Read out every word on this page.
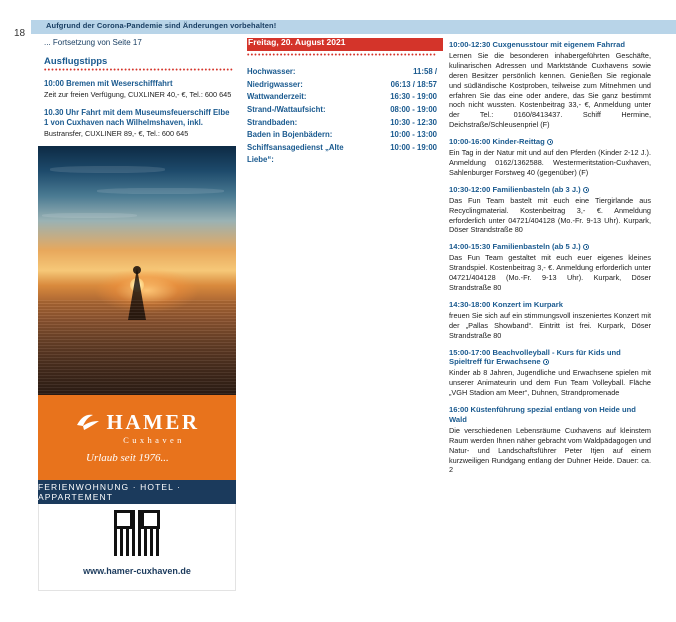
Aufgrund der Corona-Pandemie sind Änderungen vorbehalten!
18
... Fortsetzung von Seite 17
Ausflugstipps
••••••••••••••••••••••••••••••••••••••••••••••••••••
10:00 Bremen mit Weserschifffahrt
Zeit zur freien Verfügung, CUXLINER 40,- €, Tel.: 600 645
10.30 Uhr Fahrt mit dem Museumsfeuerschiff Elbe 1 von Cuxhaven nach Wilhelmshaven, inkl.
Bustransfer, CUXLINER 89,- €, Tel.: 600 645
HAMER
Cuxhaven
Urlaub seit 1976...
FERIENWOHNUNG · HOTEL · APPARTEMENT
www.hamer-cuxhaven.de
Freitag, 20. August 2021
••••••••••••••••••••••••••••••••••••••••••••••••••••
Hochwasser:	11:58 /
Niedrigwasser:	06:13 / 18:57
Wattwanderzeit:	16:30 - 19:00
Strand-/Wattaufsicht:	08:00 - 19:00
Strandbaden:	10:30 - 12:30
Baden in Bojenbädern:	10:00 - 13:00
Schiffsansagedienst „Alte Liebe“:
10:00 - 19:00
10:00-12:30 Cuxgenusstour mit eigenem Fahrrad
Lernen Sie die besonderen inhabergeführten Geschäfte, kulinarischen Adressen und Marktstände Cuxhavens sowie deren Besitzer persönlich kennen. Genießen Sie regionale und südländische Kostproben, teilweise zum Mitnehmen und erfahren Sie das eine oder andere, das Sie ganz bestimmt noch nicht wussten. Kostenbeitrag 33,- €, Anmeldung unter der Tel.: 0160/8413437. Schiff Hermine, Deichstraße/Schleusenpriel (F)
10:00-16:00 Kinder-Reittag
Ein Tag in der Natur mit und auf den Pferden (Kinder 2-12 J.). Anmeldung 0162/1362588. Westermeritstation-Cuxhaven, Sahlenburger Forstweg 40 (gegenüber) (F)
10:30-12:00 Familienbasteln (ab 3 J.)
Das Fun Team bastelt mit euch eine Tiergirlande aus Recyclingmaterial. Kostenbeitrag 3,- €. Anmeldung erforderlich unter 04721/404128 (Mo.-Fr. 9-13 Uhr). Kurpark, Döser Strandstraße 80
14:00-15:30 Familienbasteln (ab 5 J.)
Das Fun Team gestaltet mit euch euer eigenes kleines Strandspiel. Kostenbeitrag 3,- €. Anmeldung erforderlich unter 04721/404128 (Mo.-Fr. 9-13 Uhr). Kurpark, Döser Strandstraße 80
14:30-18:00 Konzert im Kurpark
freuen Sie sich auf ein stimmungsvoll inszeniertes Konzert mit der „Pallas Showband“. Eintritt ist frei. Kurpark, Döser Strandstraße 80
15:00-17:00 Beachvolleyball - Kurs für Kids und Spieltreff für Erwachsene
Kinder ab 8 Jahren, Jugendliche und Erwachsene spielen mit unserer Animateurin und dem Fun Team Volleyball. Fläche „VGH Stadion am Meer“, Duhnen, Strandpromenade
16:00 Küstenführung spezial entlang von Heide und Wald
Die verschiedenen Lebensräume Cuxhavens auf kleinstem Raum werden Ihnen näher gebracht vom Waldpädagogen und Natur- und Landschaftsführer Peter Itjen auf einem kurzweiligen Rundgang entlang der Duhner Heide. Dauer: ca. 2
